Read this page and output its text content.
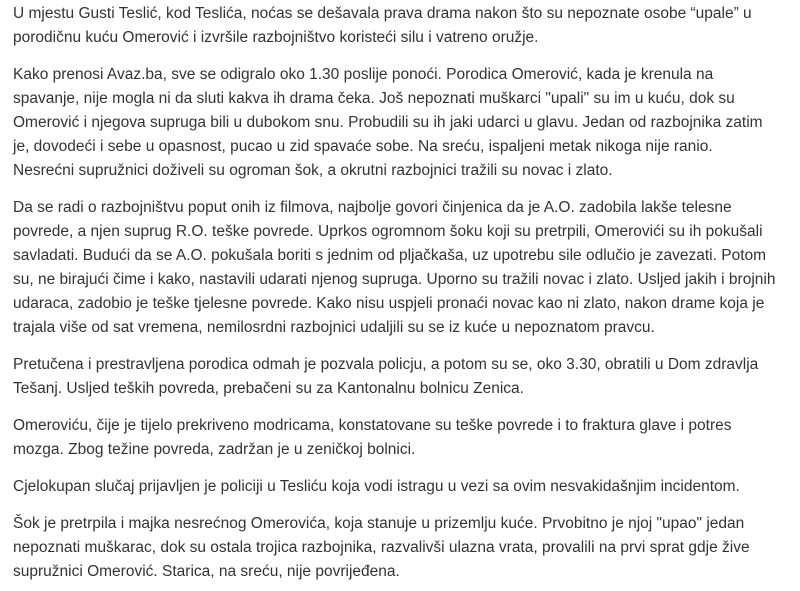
U mjestu Gusti Teslić, kod Teslića, noćas se dešavala prava drama nakon što su nepoznate osobe “upale” u porodičnu kuću Omerović i izvršile razbojništvo koristeći silu i vatreno oružje.

Kako prenosi Avaz.ba, sve se odigralo oko 1.30 poslije ponoći. Porodica Omerović, kada je krenula na spavanje, nije mogla ni da sluti kakva ih drama čeka. Još nepoznati muškarci "upali" su im u kuću, dok su Omerović i njegova supruga bili u dubokom snu. Probudili su ih jaki udarci u glavu. Jedan od razbojnika zatim je, dovodeći i sebe u opasnost, pucao u zid spavaće sobe. Na sreću, ispaljeni metak nikoga nije ranio. Nesrećni supružnici doživeli su ogroman šok, a okrutni razbojnici tražili su novac i zlato.

Da se radi o razbojništvu poput onih iz filmova, najbolje govori činjenica da je A.O. zadobila lakše telesne povrede, a njen suprug R.O. teške povrede. Uprkos ogromnom šoku koji su pretrpili, Omerovići su ih pokušali savladati. Budući da se A.O. pokušala boriti s jednim od pljačkaša, uz upotrebu sile odlučio je zavezati. Potom su, ne birajući čime i kako, nastavili udarati njenog supruga. Uporno su tražili novac i zlato. Usljed jakih i brojnih udaraca, zadobio je teške tjelesne povrede. Kako nisu uspjeli pronaći novac kao ni zlato, nakon drame koja je trajala više od sat vremena, nemilosrdni razbojnici udaljili su se iz kuće u nepoznatom pravcu.

Pretučena i prestravljena porodica odmah je pozvala policju, a potom su se, oko 3.30, obratili u Dom zdravlja Tešanj. Usljed teških povreda, prebačeni su za Kantonalnu bolnicu Zenica.

Omeroviću, čije je tijelo prekriveno modricama, konstatovane su teške povrede i to fraktura glave i potres mozga. Zbog težine povreda, zadržan je u zeničkoj bolnici.

Cjelokupan slučaj prijavljen je policiji u Tesliću koja vodi istragu u vezi sa ovim nesvakidašnjim incidentom.

Šok je pretrpila i majka nesrećnog Omerovića, koja stanuje u prizemlju kuće. Prvobitno je njoj "upao" jedan nepoznati muškarac, dok su ostala trojica razbojnika, razvalivši ulazna vrata, provalili na prvi sprat gdje žive supružnici Omerović. Starica, na sreću, nije povrijeđena.
